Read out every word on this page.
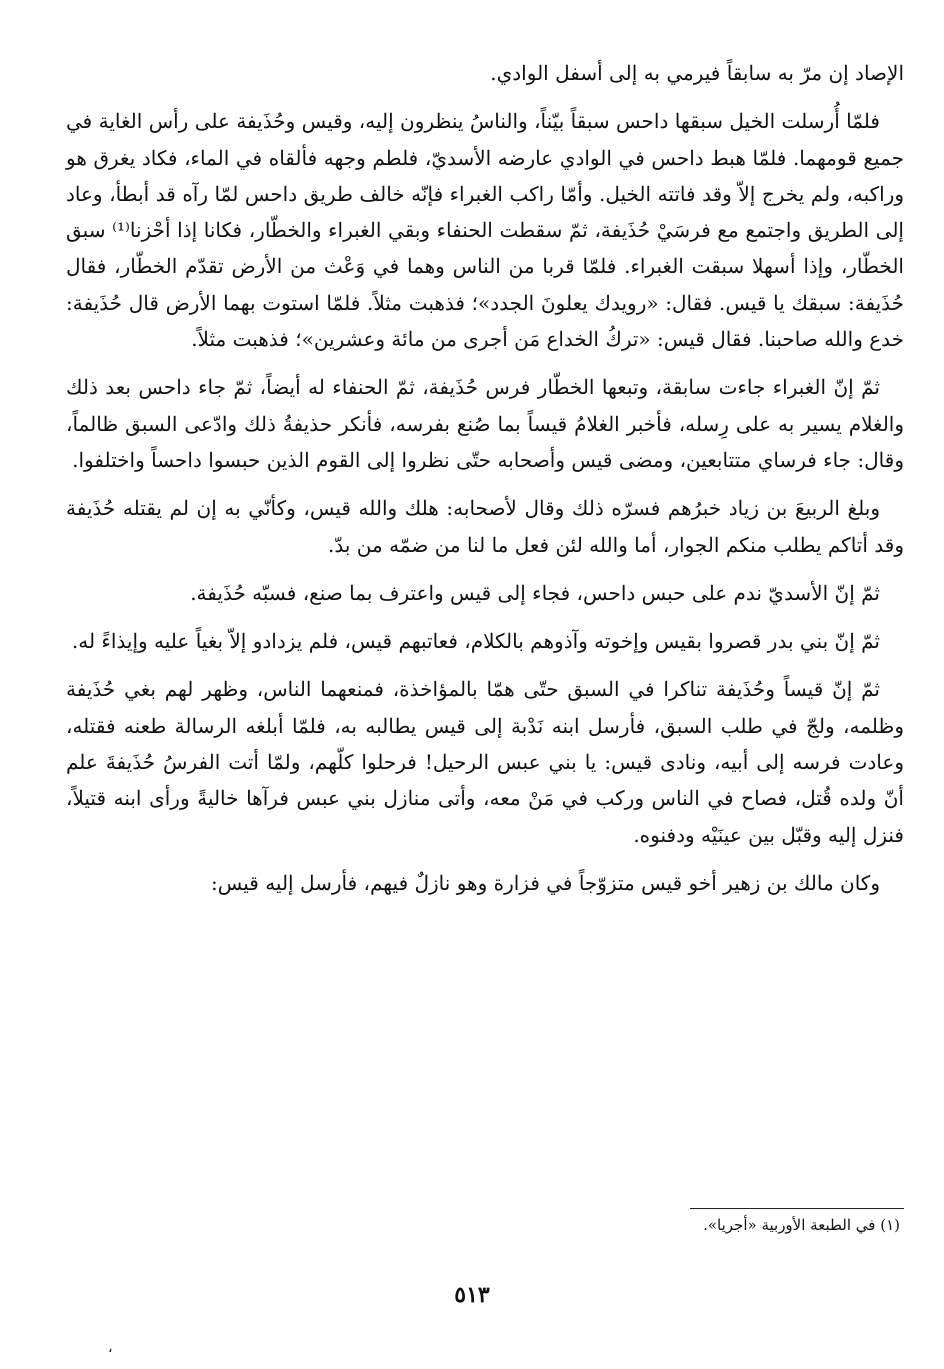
الإصاد إن مرّ به سابقاً فيرمي به إلى أسفل الوادي.

فلمّا أُرسلت الخيل سبقها داحس سبقاً بيّناً، والناسُ ينظرون إليه، وقيس وحُذَيفة على رأس الغاية في جميع قومهما. فلمّا هبط داحس في الوادي عارضه الأسديّ، فلطم وجهه فألقاه في الماء، فكاد يغرق هو وراكبه، ولم يخرج إلاّ وقد فاتته الخيل. وأمّا راكب الغبراء فإنّه خالف طريق داحس لمّا رآه قد أبطأ، وعاد إلى الطريق واجتمع مع فرسَيْ حُذَيفة، ثمّ سقطت الحنفاء وبقي الغبراء والخطّار، فكانا إذا أحْزنا⁽¹⁾ سبق الخطّار، وإذا أسهلا سبقت الغبراء. فلمّا قربا من الناس وهما في وَعْث من الأرض تقدّم الخطّار، فقال حُذَيفة: سبقك يا قيس. فقال: «رويدك يعلونَ الجدد»؛ فذهبت مثلاً. فلمّا استوت بهما الأرض قال حُذَيفة: خدع والله صاحبنا. فقال قيس: «تركُ الخداع مَن أجرى من مائة وعشرين»؛ فذهبت مثلاً.

ثمّ إنّ الغبراء جاءت سابقة، وتبعها الخطّار فرس حُذَيفة، ثمّ الحنفاء له أيضاً، ثمّ جاء داحس بعد ذلك والغلام يسير به على رِسله، فأخبر الغلامُ قيساً بما صُنع بفرسه، فأنكر حذيفةُ ذلك وادّعى السبق ظالماً، وقال: جاء فرساي متتابعين، ومضى قيس وأصحابه حتّى نظروا إلى القوم الذين حبسوا داحساً واختلفوا.

وبلغ الربيعَ بن زياد خبرُهم فسرّه ذلك وقال لأصحابه: هلك والله قيس، وكأنّي به إن لم يقتله حُذَيفة وقد أتاكم يطلب منكم الجوار، أما والله لئن فعل ما لنا من ضمّه من بدّ.

ثمّ إنّ الأسديّ ندم على حبس داحس، فجاء إلى قيس واعترف بما صنع، فسبّه حُذَيفة.

ثمّ إنّ بني بدر قصروا بقيس وإخوته وآذوهم بالكلام، فعاتبهم قيس، فلم يزدادو إلاّ بغياً عليه وإيذاءً له.

ثمّ إنّ قيساً وحُذَيفة تناكرا في السبق حتّى همّا بالمؤاخذة، فمنعهما الناس، وظهر لهم بغي حُذَيفة وظلمه، ولجّ في طلب السبق، فأرسل ابنه نَدْبة إلى قيس يطالبه به، فلمّا أبلغه الرسالة طعنه فقتله، وعادت فرسه إلى أبيه، ونادى قيس: يا بني عبس الرحيل! فرحلوا كلّهم، ولمّا أتت الفرسُ حُذَيفةَ علم أنّ ولده قُتل، فصاح في الناس وركب في مَنْ معه، وأتى منازل بني عبس فرآها خاليةً ورأى ابنه قتيلاً، فنزل إليه وقبّل بين عينَيْه ودفنوه.

وكان مالك بن زهير أخو قيس متزوّجاً في فزارة وهو نازلٌ فيهم، فأرسل إليه قيس:

(١) في الطبعة الأوربية «أجريا».
٥١٣
،
